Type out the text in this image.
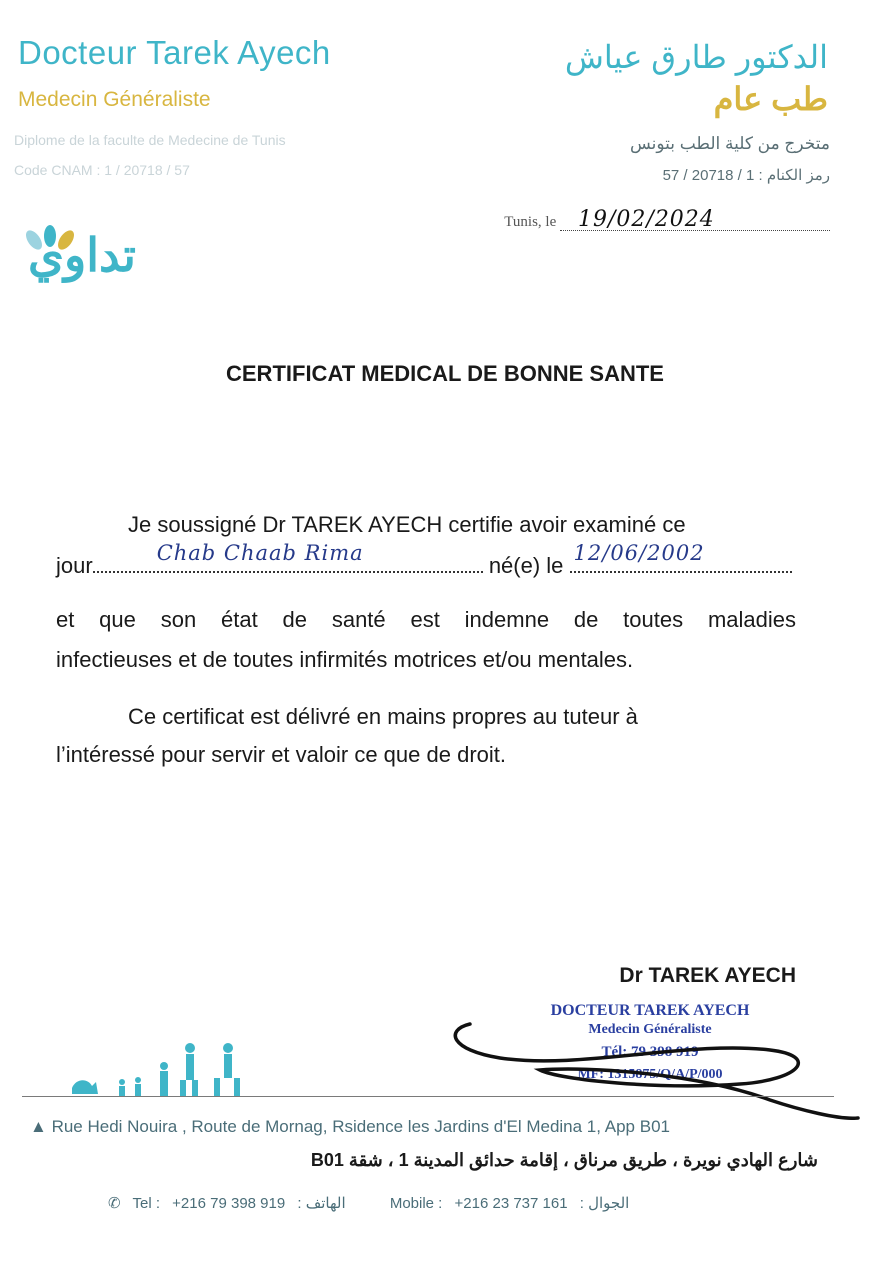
Docteur Tarek Ayech
Medecin Généraliste
Diplome de la faculte de Medecine de Tunis
Code CNAM : 1 / 20718 / 57
الدكتور طارق عياش
طب عام
متخرج من كلية الطب بتونس
رمز الكنام : 1 / 20718 / 57
Tunis, le 19/02/2024
تداوي
CERTIFICAT MEDICAL DE BONNE SANTE
Je soussigné Dr TAREK AYECH certifie avoir examiné ce
jour	Chab Chaab Rima	né(e) le 12/06/2002
et que son état de santé est indemne de toutes maladies
infectieuses et de toutes infirmités motrices et/ou mentales.
Ce certificat est délivré en mains propres au tuteur à
l’intéressé pour servir et valoir ce que de droit.
Dr TAREK AYECH
DOCTEUR TAREK AYECH
Medecin Généraliste
Tél: 79 398 919
MF: 1315875/Q/A/P/000
▲ Rue Hedi Nouira , Route de Mornag, Rsidence les Jardins d'El Medina 1, App B01
شارع الهادي نويرة ، طريق مرناق ، إقامة حدائق المدينة 1 ، شقة B01
✆ Tel : +216 79 398 919 : الهاتف	Mobile : +216 23 737 161 : الجوال
